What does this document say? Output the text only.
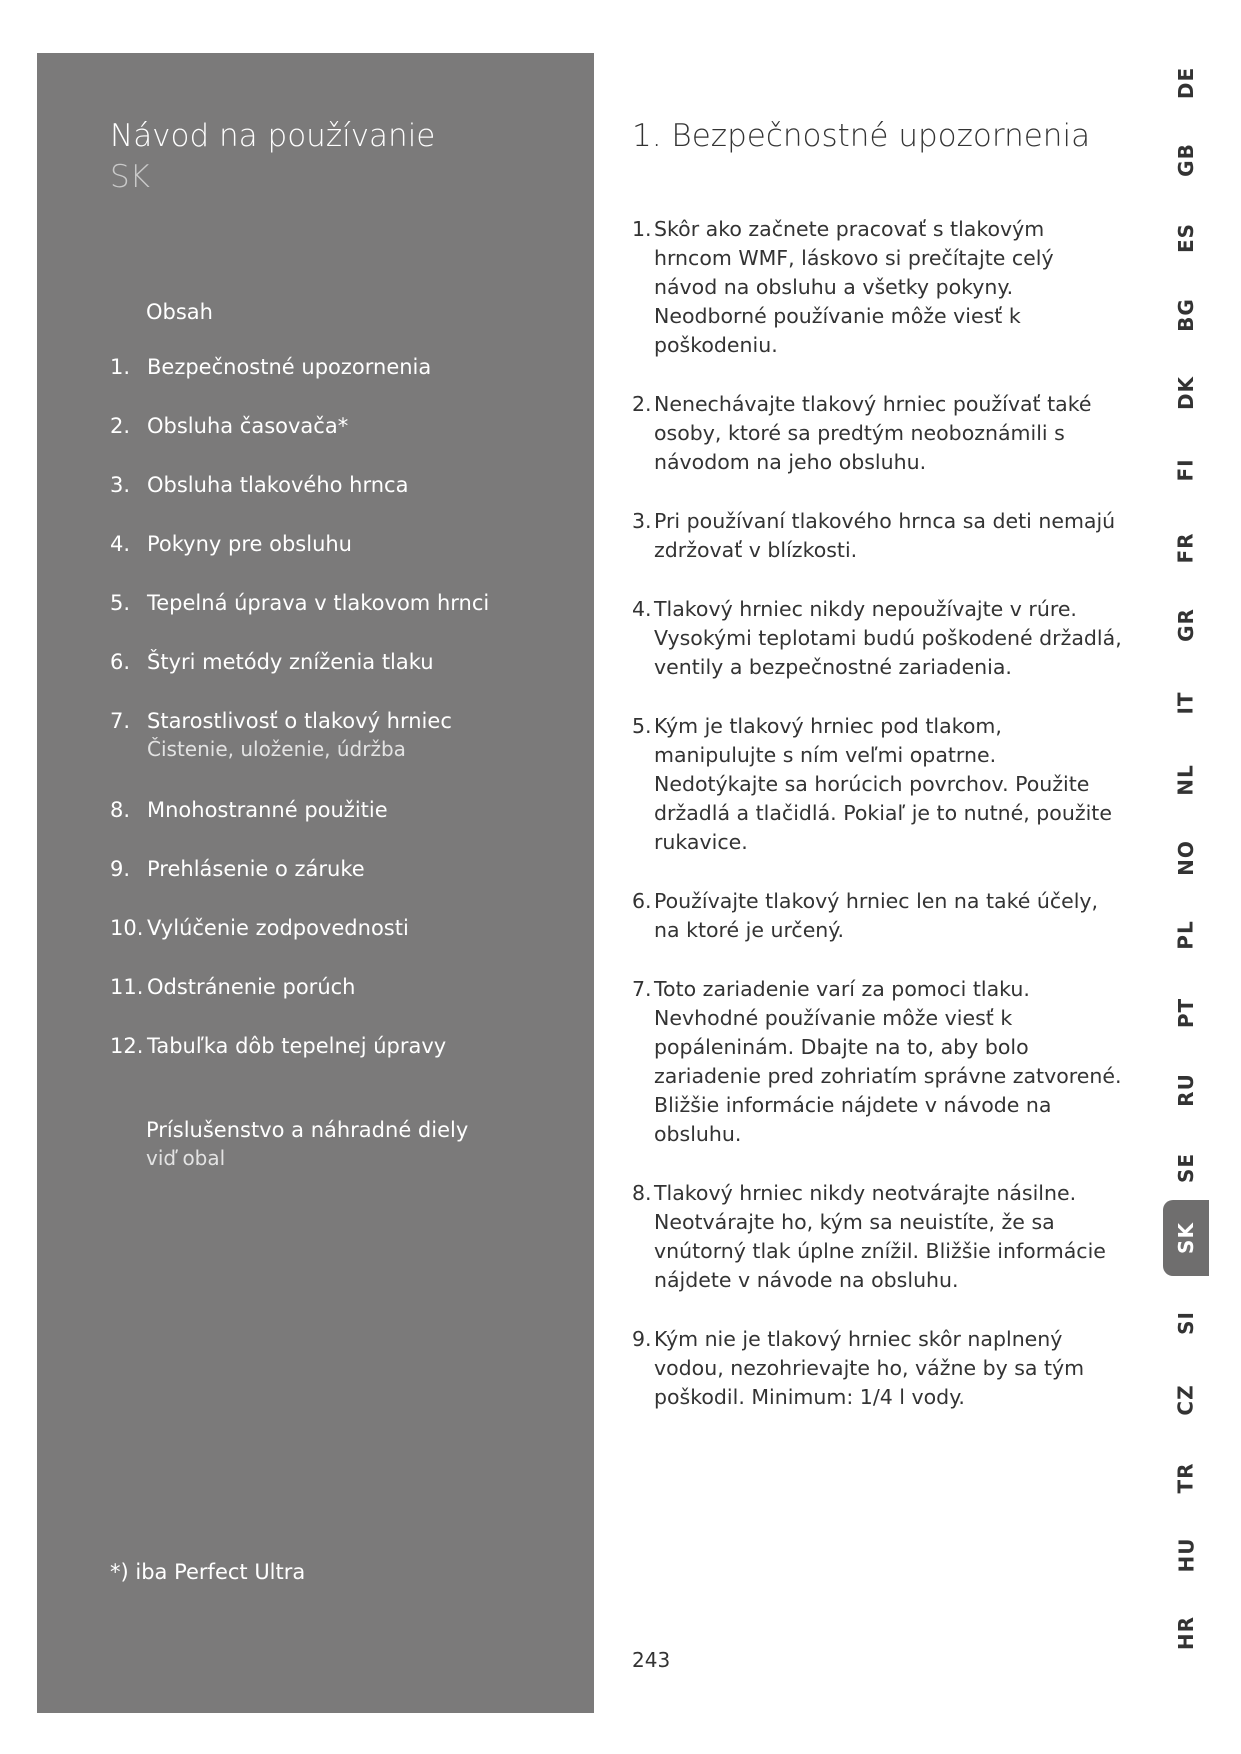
Návod na používanie
SK
Obsah
1. Bezpečnostné upozornenia
2. Obsluha časovača*
3. Obsluha tlakového hrnca
4. Pokyny pre obsluhu
5. Tepelná úprava v tlakovom hrnci
6. Štyri metódy zníženia tlaku
7. Starostlivosť o tlakový hrniec
Čistenie, uloženie, údržba
8. Mnohostranné použitie
9. Prehlásenie o záruke
10. Vylúčenie zodpovednosti
11. Odstránenie porúch
12. Tabuľka dôb tepelnej úpravy
Príslušenstvo a náhradné diely
viď obal
*) iba Perfect Ultra
1. Bezpečnostné upozornenia
1. Skôr ako začnete pracovať s tlakovým hrncom WMF, láskovo si prečítajte celý návod na obsluhu a všetky pokyny. Neodborné používanie môže viesť k poškodeniu.
2. Nenechávajte tlakový hrniec používať také osoby, ktoré sa predtým neoboznámili s návodom na jeho obsluhu.
3. Pri používaní tlakového hrnca sa deti nemajú zdržovať v blízkosti.
4. Tlakový hrniec nikdy nepoužívajte v rúre. Vysokými teplotami budú poškodené držadlá, ventily a bezpečnostné zariadenia.
5. Kým je tlakový hrniec pod tlakom, manipulujte s ním veľmi opatrne. Nedotýkajte sa horúcich povrchov. Použite držadlá a tlačidlá. Pokiaľ je to nutné, použite rukavice.
6. Používajte tlakový hrniec len na také účely, na ktoré je určený.
7. Toto zariadenie varí za pomoci tlaku. Nevhodné používanie môže viesť k popáleninám. Dbajte na to, aby bolo zariadenie pred zohriatím správne zatvorené. Bližšie informácie nájdete v návode na obsluhu.
8. Tlakový hrniec nikdy neotvárajte násilne. Neotvárajte ho, kým sa neuistíte, že sa vnútorný tlak úplne znížil. Bližšie informácie nájdete v návode na obsluhu.
9. Kým nie je tlakový hrniec skôr naplnený vodou, nezohrievajte ho, vážne by sa tým poškodil. Minimum: 1/4 l vody.
243
DE
GB
ES
BG
DK
FI
FR
GR
IT
NL
NO
PL
PT
RU
SE
SK
SI
CZ
TR
HU
HR
